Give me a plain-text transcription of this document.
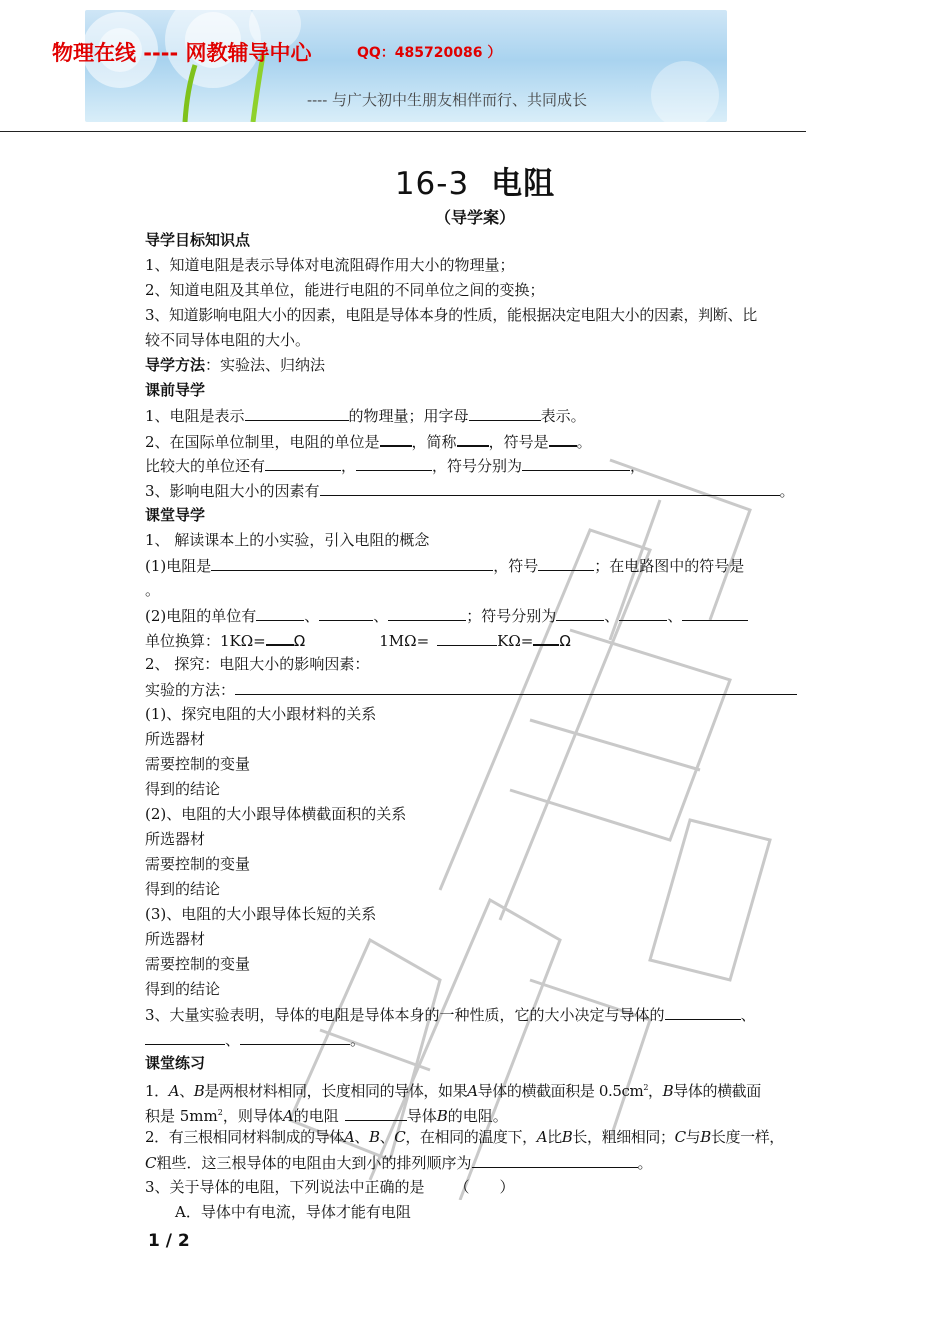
物理在线 ---- 网教辅导中心	QQ：485720086 ）
---- 与广大初中生朋友相伴而行、共同成长
16-3 电阻
（导学案）
导学目标知识点
1、知道电阻是表示导体对电流阻碍作用大小的物理量；
2、知道电阻及其单位，能进行电阻的不同单位之间的变换；
3、知道影响电阻大小的因素，电阻是导体本身的性质，能根据决定电阻大小的因素，判断、比
较不同导体电阻的大小。
导学方法：实验法、归纳法
课前导学
1、电阻是表示	的物理量；用字母	表示。
2、在国际单位制里，电阻的单位是 ，简称 ，符号是 。
比较大的单位还有	，	，符号分别为	，
3、影响电阻大小的因素有	。
课堂导学
1、 解读课本上的小实验，引入电阻的概念
(1)电阻是	，符号	；在电路图中的符号是
。
(2)电阻的单位有	、	、	；符号分别为	、	、
单位换算：1KΩ= Ω	1MΩ=	KΩ= Ω
2、 探究：电阻大小的影响因素：
实验的方法：
(1)、探究电阻的大小跟材料的关系
所选器材
需要控制的变量
得到的结论
(2)、电阻的大小跟导体横截面积的关系
所选器材
需要控制的变量
得到的结论
(3)、电阻的大小跟导体长短的关系
所选器材
需要控制的变量
得到的结论
3、大量实验表明，导体的电阻是导体本身的一种性质，它的大小决定与导体的	、
、	。
课堂练习
1．A、B是两根材料相同，长度相同的导体，如果A导体的横截面积是 $0.5cm^2$，B导体的横截面
积是 $5mm^2$，则导体A的电阻	导体B的电阻。
2．有三根相同材料制成的导体A、B、C，在相同的温度下，A比B长，粗细相同；C与B长度一样，
C粗些．这三根导体的电阻由大到小的排列顺序为	。
3、关于导体的电阻，下列说法中正确的是 （　　）
A．导体中有电流，导体才能有电阻
1 / 2
